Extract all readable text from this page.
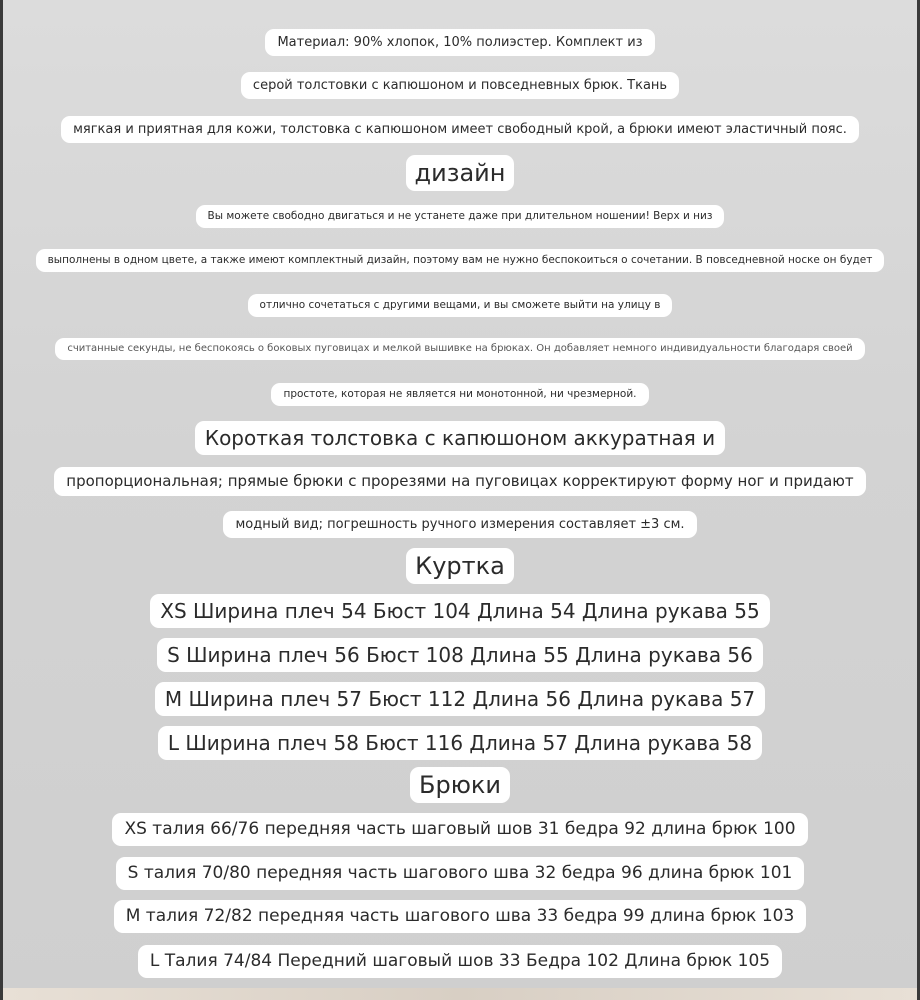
Материал: 90% хлопок, 10% полиэстер. Комплект из
серой толстовки с капюшоном и повседневных брюк. Ткань
мягкая и приятная для кожи, толстовка с капюшоном имеет свободный крой, а брюки имеют эластичный пояс.
дизайн
Вы можете свободно двигаться и не устанете даже при длительном ношении! Верх и низ
выполнены в одном цвете, а также имеют комплектный дизайн, поэтому вам не нужно беспокоиться о сочетании. В повседневной носке он будет
отлично сочетаться с другими вещами, и вы сможете выйти на улицу в
считанные секунды, не беспокоясь о боковых пуговицах и мелкой вышивке на брюках. Он добавляет немного индивидуальности благодаря своей
простоте, которая не является ни монотонной, ни чрезмерной.
Короткая толстовка с капюшоном аккуратная и
пропорциональная; прямые брюки с прорезями на пуговицах корректируют форму ног и придают
модный вид; погрешность ручного измерения составляет ±3 см.
Куртка
XS Ширина плеч 54 Бюст 104 Длина 54 Длина рукава 55
S Ширина плеч 56 Бюст 108 Длина 55 Длина рукава 56
M Ширина плеч 57 Бюст 112 Длина 56 Длина рукава 57
L Ширина плеч 58 Бюст 116 Длина 57 Длина рукава 58
Брюки
XS талия 66/76 передняя часть шаговый шов 31 бедра 92 длина брюк 100
S талия 70/80 передняя часть шагового шва 32 бедра 96 длина брюк 101
M талия 72/82 передняя часть шагового шва 33 бедра 99 длина брюк 103
L Талия 74/84 Передний шаговый шов 33 Бедра 102 Длина брюк 105
